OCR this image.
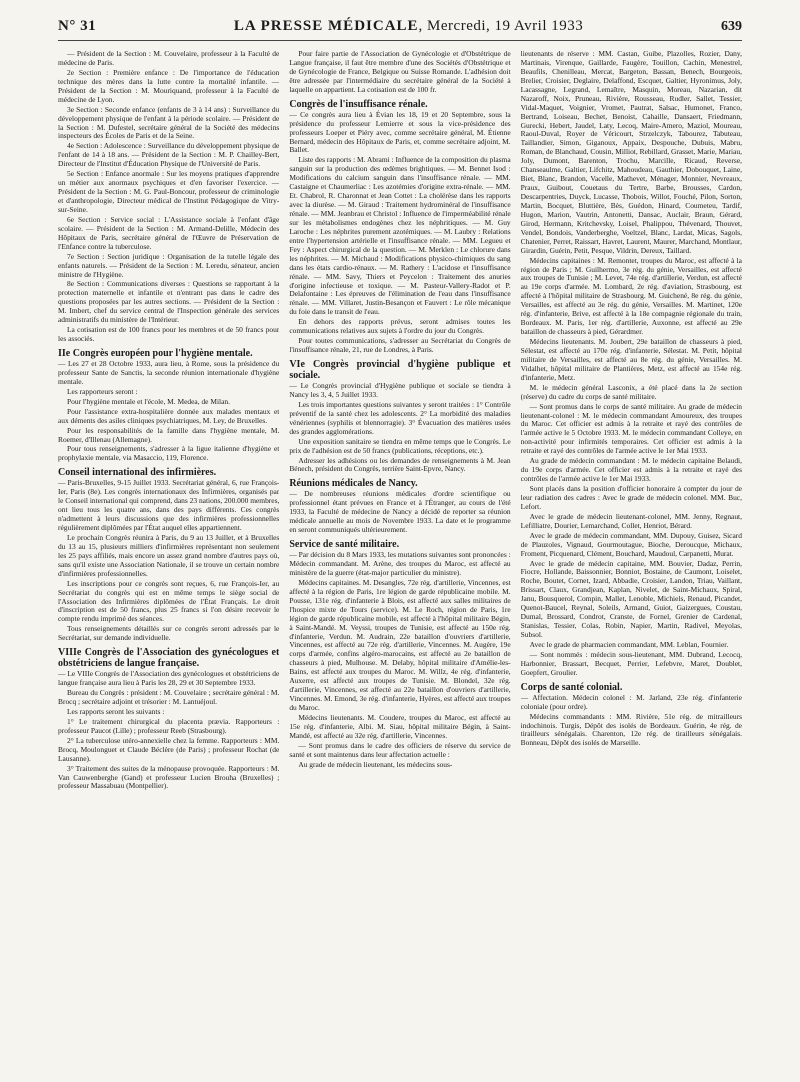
N° 31	LA PRESSE MÉDICALE, Mercredi, 19 Avril 1933	639

— Président de la Section : M. Couvelaire, professeur à la Faculté de médecine de Paris.

2e Section : Première enfance : De l'importance de l'éducation technique des mères dans la lutte contre la mortalité infantile. — Président de la Section : M. Mouriquand, professeur à la Faculté de médecine de Lyon.

3e Section : Seconde enfance (enfants de 3 à 14 ans) : Surveillance du développement physique de l'enfant à la période scolaire. — Président de la Section : M. Dufestel, secrétaire général de la Société des médecins inspecteurs des Écoles de Paris et de la Seine.

4e Section : Adolescence : Surveillance du développement physique de l'enfant de 14 à 18 ans. — Président de la Section : M. P. Chailley-Bert, Directeur de l'Institut d'Éducation Physique de l'Université de Paris.

5e Section : Enfance anormale : Sur les moyens pratiques d'apprendre un métier aux anormaux psychiques et d'en favoriser l'exercice. — Président de la Section : M. G. Paul-Boncour, professeur de criminologie et d'anthropologie, Directeur médical de l'Institut Pédagogique de Vitry-sur-Seine.

6e Section : Service social : L'Assistance sociale à l'enfant d'âge scolaire. — Président de la Section : M. Armand-Delille, Médecin des Hôpitaux de Paris, secrétaire général de l'Œuvre de Préservation de l'Enfance contre la tuberculose.

7e Section : Section juridique : Organisation de la tutelle légale des enfants naturels. — Président de la Section : M. Leredu, sénateur, ancien ministre de l'Hygiène.

8e Section : Communications diverses : Questions se rapportant à la protection maternelle et infantile et n'entrant pas dans le cadre des questions proposées par les autres sections. — Président de la Section : M. Imbert, chef du service central de l'Inspection générale des services administratifs du ministère de l'Intérieur.

La cotisation est de 100 francs pour les membres et de 50 francs pour les associés.

IIe Congrès européen pour l'hygiène mentale.

— Les 27 et 28 Octobre 1933, aura lieu, à Rome, sous la présidence du professeur Sante de Sanctis, la seconde réunion internationale d'hygiène mentale.

Les rapporteurs seront :

Pour l'hygiène mentale et l'école, M. Medea, de Milan.

Pour l'assistance extra-hospitalière donnée aux malades mentaux et aux déments des asiles cliniques psychiatriques, M. Ley, de Bruxelles.

Pour les responsabilités de la famille dans l'hygiène mentale, M. Roemer, d'Illenau (Allemagne).

Pour tous renseignements, s'adresser à la ligue italienne d'hygiène et prophylaxie mentale, via Masaccio, 119, Florence.

Conseil international des infirmières.

— Paris-Bruxelles, 9-15 Juillet 1933. Secrétariat général, 6, rue François-Ier, Paris (8e). Les congrès internationaux des Infirmières, organisés par le Conseil international qui comprend, dans 23 nations, 200.000 membres, ont lieu tous les quatre ans, dans des pays différents. Ces congrès n'admettent à leurs discussions que des infirmières professionnelles régulièrement diplômées par l'État auquel elles appartiennent.

Le prochain Congrès réunira à Paris, du 9 au 13 Juillet, et à Bruxelles du 13 au 15, plusieurs milliers d'infirmières représentant non seulement les 25 pays affiliés, mais encore un assez grand nombre d'autres pays où, sans qu'il existe une Association Nationale, il se trouve un certain nombre d'infirmières professionnelles.

Les inscriptions pour ce congrès sont reçues, 6, rue François-Ier, au Secrétariat du congrès qui est en même temps le siège social de l'Association des Infirmières diplômées de l'État Français. Le droit d'inscription est de 50 francs, plus 25 francs si l'on désire recevoir le compte rendu imprimé des séances.

Tous renseignements détaillés sur ce congrès seront adressés par le Secrétariat, sur demande individuelle.

VIIIe Congrès de l'Association des gynécologues et obstétriciens de langue française.

— Le VIIIe Congrès de l'Association des gynécologues et obstétriciens de langue française aura lieu à Paris les 28, 29 et 30 Septembre 1933.

Bureau du Congrès : président : M. Couvelaire ; secrétaire général : M. Brocq ; secrétaire adjoint et trésorier : M. Lantuéjoul.

Les rapports seront les suivants :

1° Le traitement chirurgical du placenta prævia. Rapporteurs : professeur Paucot (Lille) ; professeur Reeb (Strasbourg).

2° La tuberculose utéro-annexielle chez la femme. Rapporteurs : MM. Brocq, Moulonguet et Claude Béclère (de Paris) ; professeur Rochat (de Lausanne).

3° Traitement des suites de la ménopause provoquée. Rapporteurs : M. Van Cauwenberghe (Gand) et professeur Lucien Brouha (Bruxelles) ; professeur Massabuau (Montpellier).

Pour faire partie de l'Association de Gynécologie et d'Obstétrique de Langue française, il faut être membre d'une des Sociétés d'Obstétrique et de Gynécologie de France, Belgique ou Suisse Romande. L'adhésion doit être adressée par l'intermédiaire du secrétaire général de la Société à laquelle on appartient. La cotisation est de 100 fr.

Congrès de l'insuffisance rénale.

— Ce congrès aura lieu à Évian les 18, 19 et 20 Septembre, sous la présidence du professeur Lemierre et sous la vice-présidence des professeurs Loeper et Piéry avec, comme secrétaire général, M. Étienne Bernard, médecin des Hôpitaux de Paris, et, comme secrétaire adjoint, M. Ballet.

Liste des rapports : M. Abrami : Influence de la composition du plasma sanguin sur la production des œdèmes brightiques. — M. Bennet Isod : Modifications du calcium sanguin dans l'insuffisance rénale. — MM. Castaigne et Chaumerliac : Les azotémies d'origine extra-rénale. — MM. Et. Chabrol, R. Charonnat et Jean Cottet : La cholérèse dans les rapports avec la diurèse. — M. Giraud : Traitement hydrominéral de l'insuffisance rénale. — MM. Jeanbrau et Christol : Influence de l'imperméabilité rénale sur les métabolismes endogènes chez les néphritiques. — M. Guy Laroche : Les néphrites purement azotémiques. — M. Laubry : Relations entre l'hypertension artérielle et l'insuffisance rénale. — MM. Legueu et Fey : Aspect chirurgical de la question. — M. Merklen : Le chlorure dans les néphrites. — M. Michaud : Modifications physico-chimiques du sang dans les états cardio-rénaux. — M. Rathery : L'acidose et l'insuffisance rénale. — MM. Savy, Thiers et Peycelon : Traitement des anuries d'origine infectieuse et toxique. — M. Pasteur-Vallery-Radot et P. Delafontaine : Les épreuves de l'élimination de l'eau dans l'insuffisance rénale. — MM. Villaret, Justin-Besançon et Fauvert : Le rôle mécanique du foie dans le transit de l'eau.

En dehors des rapports prévus, seront admises toutes les communications relatives aux sujets à l'ordre du jour du Congrès.

Pour toutes communications, s'adresser au Secrétariat du Congrès de l'insuffisance rénale, 21, rue de Londres, à Paris.

VIe Congrès provincial d'hygiène publique et sociale.

— Le Congrès provincial d'Hygiène publique et sociale se tiendra à Nancy les 3, 4, 5 Juillet 1933.

Les trois importantes questions suivantes y seront traitées : 1° Contrôle préventif de la santé chez les adolescents. 2° La morbidité des maladies vénériennes (syphilis et blennorragie). 3° Évacuation des matières usées des grandes agglomérations.

Une exposition sanitaire se tiendra en même temps que le Congrès. Le prix de l'adhésion est de 50 francs (publications, réceptions, etc.).

Adresser les adhésions ou les demandes de renseignements à M. Jean Bénech, président du Congrès, terrière Saint-Epvre, Nancy.

Réunions médicales de Nancy.

— De nombreuses réunions médicales d'ordre scientifique ou professionnel étant prévues en France et à l'Étranger, au cours de l'été 1933, la Faculté de médecine de Nancy a décidé de reporter sa réunion médicale annuelle au mois de Novembre 1933. La date et le programme en seront communiqués ultérieurement.

Service de santé militaire.

— Par décision du 8 Mars 1933, les mutations suivantes sont prononcées : Médecin commandant. M. Arène, des troupes du Maroc, est affecté au ministère de la guerre (état-major particulier du ministre).

Médecins capitaines. M. Desangles, 72e rég. d'artillerie, Vincennes, est affecté à la région de Paris, 1re légion de garde républicaine mobile. M. Pousse, 131e rég. d'infanterie à Blois, est affecté aux salles militaires de l'hospice mixte de Tours (service). M. Le Roch, région de Paris, 1re légion de garde républicaine mobile, est affecté à l'hôpital militaire Bégin, à Saint-Mandé. M. Veyssi, troupes de Tunisie, est affecté au 150e rég. d'infanterie, Verdun. M. Audrain, 22e bataillon d'ouvriers d'artillerie, Vincennes, est affecté au 72e rég. d'artillerie, Vincennes. M. Augère, 19e corps d'armée, confins algéro-marocains, est affecté au 2e bataillon de chasseurs à pied, Mulhouse. M. Delaby, hôpital militaire d'Amélie-les-Bains, est affecté aux troupes du Maroc. M. Willz, 4e rég. d'infanterie, Auxerre, est affecté aux troupes de Tunisie. M. Blondel, 32e rég. d'artillerie, Vincennes, est affecté au 22e bataillon d'ouvriers d'artillerie, Vincennes. M. Emond, 3e rég. d'infanterie, Hyères, est affecté aux troupes du Maroc.

Médecins lieutenants. M. Coudere, troupes du Maroc, est affecté au 15e rég. d'infanterie, Albi. M. Siau, hôpital militaire Bégin, à Saint-Mandé, est affecté au 32e rég. d'artillerie, Vincennes.

— Sont promus dans le cadre des officiers de réserve du service de santé et sont maintenus dans leur affectation actuelle :

Au grade de médecin lieutenant, les médecins sous-

lieutenants de réserve : MM. Castan, Guibe, Plazolles, Rozier, Dany, Martinais, Virenque, Gaillarde, Faugère, Touillon, Cachin, Menestrel, Beaufils, Chenilleau, Mercat, Bargeton, Bassan, Benech, Bourgeois, Brelier, Croisier, Deglaire, Delaffond, Escquet, Galtier, Hyronimus, Joly, Lacassagne, Legrand, Lemaître, Masquin, Moreau, Nazarian, dit Nazaroff, Noix, Pruneau, Rivière, Rousseau, Rudler, Sallet, Tessier, Vidal-Maquet, Voignier, Vromet, Pautrat, Salsac, Humonet, Franco, Bertrand, Loiseau, Bechet, Benoist, Cahaille, Dansaert, Friedmann, Gurecki, Hebert, Jaudel, Laty, Lecoq, Maire-Amero, Maziol, Moureau, Raoul-Duval, Royer de Véricourt, Strzelczyk, Tabourez, Tabuteau, Taillandier, Simon, Giganoux, Appaix, Despouche, Dubuis, Mabru, Roman, de Blanchaud, Cousin, Milliot, Rebillard, Grasset, Marie, Mariau, Joly, Dumont, Barenton, Trochu, Marcille, Ricaud, Reverse, Chanseaulme, Galtier, Lifchitz, Mahoudeau, Gauthier, Dobouquet, Laine, Biet, Blanc, Brandon, Vacelle, Mathevet, Ménager, Monnier, Nevreaux, Praux, Guibout, Couetaus du Tertre, Barbe, Brousses, Cardon, Descarpentries, Duyck, Lucasse, Thobois, Willot, Fouché, Pilon, Sorton, Martin, Bocquet, Bluttière, Bès, Guédon, Hinard, Coumeteu, Tardif, Hugon, Marion, Vautrin, Antonetti, Dansac, Auclair, Braun, Gérard, Girod, Hermann, Kritchevsky, Loisel, Phalippou, Thévenard, Thouvet, Vendel, Bondois, Vanderberghe, Voeltzel, Blanc, Lardat, Micas, Sagols, Chatenier, Perret, Raissart, Havret, Laurent, Maurer, Marchand, Montlaur, Girardin, Guérin, Petit, Pesque, Vildrin, Dereux, Taillard.

Médecins capitaines : M. Remontet, troupes du Maroc, est affecté à la région de Paris ; M. Guilhermo, 3e rég. du génie, Versailles, est affecté aux troupes de Tunisie ; M. Levet, 74e rég. d'artillerie, Verdun, est affecté au 19e corps d'armée. M. Lombard, 2e rég. d'aviation, Strasbourg, est affecté à l'hôpital militaire de Strasbourg. M. Guichené, 8e rég. du génie, Versailles, est affecté au 3e rég. du génie, Versailles. M. Martinet, 120e rég. d'infanterie, Brive, est affecté à la 18e compagnie régionale du train, Bordeaux. M. Paris, 1er rég. d'artillerie, Auxonne, est affecté au 29e bataillon de chasseurs à pied, Gérardmer.

Médecins lieutenants. M. Joubert, 29e bataillon de chasseurs à pied, Sélestat, est affecté au 170e rég. d'infanterie, Sélestat. M. Petit, hôpital militaire de Versailles, est affecté au 8e rég. du génie, Versailles. M. Vidalhet, hôpital militaire de Plantières, Metz, est affecté au 154e rég. d'infanterie, Metz.

M. le médecin général Lasconix, a été placé dans la 2e section (réserve) du cadre du corps de santé militaire.

— Sont promus dans le corps de santé militaire. Au grade de médecin lieutenant-colonel : M. le médecin commandant Amoureux, des troupes du Maroc. Cet officier est admis à la retraite et rayé des contrôles de l'armée active le 5 Octobre 1933. M. le médecin commandant Colleye, en non-activité pour infirmités temporaires. Cet officier est admis à la retraite et rayé des contrôles de l'armée active le 1er Mai 1933.

Au grade de médecin commandant : M. le médecin capitaine Belaudi, du 19e corps d'armée. Cet officier est admis à la retraite et rayé des contrôles de l'armée active le 1er Mai 1933.

Sont placés dans la position d'officier honoraire à compter du jour de leur radiation des cadres : Avec le grade de médecin colonel. MM. Buc, Lefort.

Avec le grade de médecin lieutenant-colonel, MM. Jenny, Regnaut, Lefilliatre, Dourier, Lemarchand, Collet, Henriot, Bérard.

Avec le grade de médecin commandant, MM. Dupouy, Guisez, Sicard de Plauzoles, Vignaud, Gourmoutague, Bioche, Deroucque, Michaux, Froment, Picquenard, Clément, Bouchard, Maudoul, Carpanetti, Murat.

Avec le grade de médecin capitaine, MM. Bouvier, Dadaz, Perrin, Fiocre, Hollande, Baissonnier, Bonniot, Bostaine, de Caumont, Loiselet, Roche, Boutet, Cornet, Izard, Abbadie, Croisier, Landon, Triau, Vaillant, Brissart, Claux, Grandjean, Kaplan, Nivelet, de Saint-Michaux, Spiral, Janu, Bousquerol, Compin, Mallet, Lenoble, Michiels, Renaud, Picandet, Quenot-Baucel, Reynal, Soleils, Armand, Guiot, Gaizergues, Coustau, Dumal, Brossard, Condrot, Cranste, de Fornel, Grenier de Cardenal, Stanislas, Tessier, Colas, Robin, Napier, Martin, Radivel, Meyolas, Subsol.

Avec le grade de pharmacien commandant, MM. Leblan, Fournier.

— Sont nommés : médecin sous-lieutenant, MM. Dubrand, Lecocq, Harbonnier, Brassart, Becquet, Perrier, Lefebvre, Maret, Doublet, Goepfert, Groulier.

Corps de santé colonial.

— Affectation. Médecin colonel : M. Jarland, 23e rég. d'infanterie coloniale (pour ordre).

Médecins commandants : MM. Rivière, 51e rég. de mitrailleurs indochinois. Turgis, Dépôt des isolés de Bordeaux. Guérin, 4e rég. de tirailleurs sénégalais. Charenton, 12e rég. de tirailleurs sénégalais. Bonneau, Dépôt des isolés de Marseille.
